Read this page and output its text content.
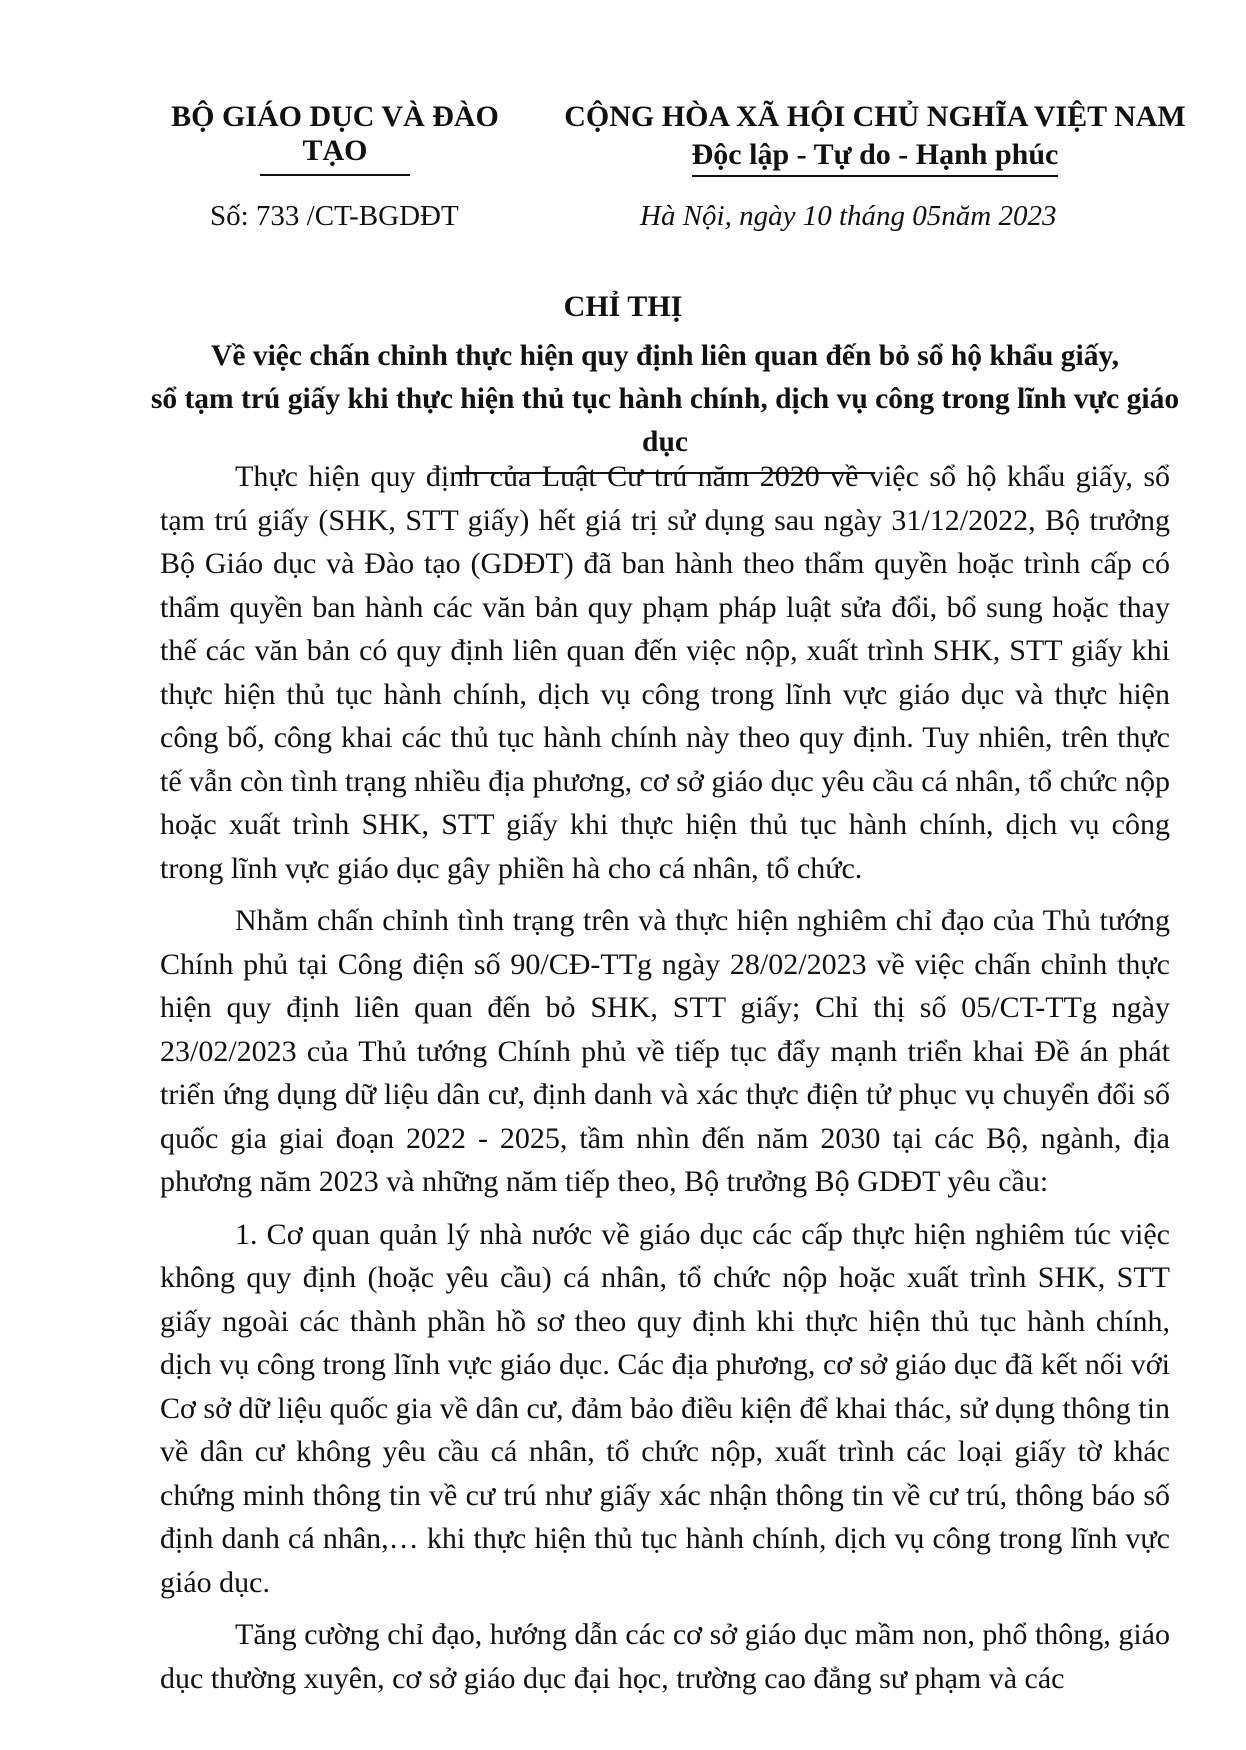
BỘ GIÁO DỤC VÀ ĐÀO TẠO
CỘNG HÒA XÃ HỘI CHỦ NGHĨA VIỆT NAM
Độc lập - Tự do - Hạnh phúc
Số: 733 /CT-BGDĐT	Hà Nội, ngày 10 tháng 05năm 2023
CHỈ THỊ
Về việc chấn chỉnh thực hiện quy định liên quan đến bỏ sổ hộ khẩu giấy,
sổ tạm trú giấy khi thực hiện thủ tục hành chính, dịch vụ công trong lĩnh vực giáo dục

Thực hiện quy định của Luật Cư trú năm 2020 về việc sổ hộ khẩu giấy, sổ tạm trú giấy (SHK, STT giấy) hết giá trị sử dụng sau ngày 31/12/2022, Bộ trưởng Bộ Giáo dục và Đào tạo (GDĐT) đã ban hành theo thẩm quyền hoặc trình cấp có thẩm quyền ban hành các văn bản quy phạm pháp luật sửa đổi, bổ sung hoặc thay thế các văn bản có quy định liên quan đến việc nộp, xuất trình SHK, STT giấy khi thực hiện thủ tục hành chính, dịch vụ công trong lĩnh vực giáo dục và thực hiện công bố, công khai các thủ tục hành chính này theo quy định. Tuy nhiên, trên thực tế vẫn còn tình trạng nhiều địa phương, cơ sở giáo dục yêu cầu cá nhân, tổ chức nộp hoặc xuất trình SHK, STT giấy khi thực hiện thủ tục hành chính, dịch vụ công trong lĩnh vực giáo dục gây phiền hà cho cá nhân, tổ chức.

Nhằm chấn chỉnh tình trạng trên và thực hiện nghiêm chỉ đạo của Thủ tướng Chính phủ tại Công điện số 90/CĐ-TTg ngày 28/02/2023 về việc chấn chỉnh thực hiện quy định liên quan đến bỏ SHK, STT giấy; Chỉ thị số 05/CT-TTg ngày 23/02/2023 của Thủ tướng Chính phủ về tiếp tục đẩy mạnh triển khai Đề án phát triển ứng dụng dữ liệu dân cư, định danh và xác thực điện tử phục vụ chuyển đổi số quốc gia giai đoạn 2022 - 2025, tầm nhìn đến năm 2030 tại các Bộ, ngành, địa phương năm 2023 và những năm tiếp theo, Bộ trưởng Bộ GDĐT yêu cầu:

1. Cơ quan quản lý nhà nước về giáo dục các cấp thực hiện nghiêm túc việc không quy định (hoặc yêu cầu) cá nhân, tổ chức nộp hoặc xuất trình SHK, STT giấy ngoài các thành phần hồ sơ theo quy định khi thực hiện thủ tục hành chính, dịch vụ công trong lĩnh vực giáo dục. Các địa phương, cơ sở giáo dục đã kết nối với Cơ sở dữ liệu quốc gia về dân cư, đảm bảo điều kiện để khai thác, sử dụng thông tin về dân cư không yêu cầu cá nhân, tổ chức nộp, xuất trình các loại giấy tờ khác chứng minh thông tin về cư trú như giấy xác nhận thông tin về cư trú, thông báo số định danh cá nhân,… khi thực hiện thủ tục hành chính, dịch vụ công trong lĩnh vực giáo dục.

Tăng cường chỉ đạo, hướng dẫn các cơ sở giáo dục mầm non, phổ thông, giáo dục thường xuyên, cơ sở giáo dục đại học, trường cao đẳng sư phạm và các
